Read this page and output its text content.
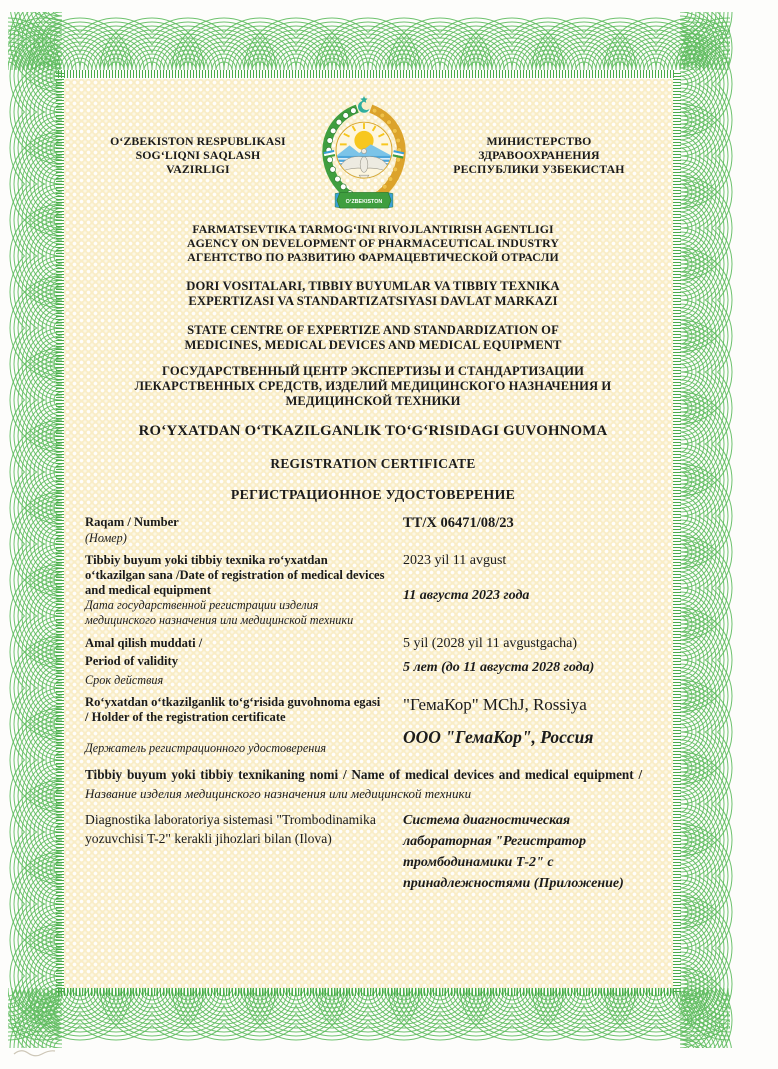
O‘ZBEKISTON RESPUBLIKASI
SOG‘LIQNI SAQLASH
VAZIRLIGI
O‘ZBEKISTON
МИНИСТЕРСТВО
ЗДРАВООХРАНЕНИЯ
РЕСПУБЛИКИ УЗБЕКИСТАН
FARMATSEVTIKA TARMOG‘INI RIVOJLANTIRISH AGENTLIGI
AGENCY ON DEVELOPMENT OF PHARMACEUTICAL INDUSTRY
АГЕНТСТВО ПО РАЗВИТИЮ ФАРМАЦЕВТИЧЕСКОЙ ОТРАСЛИ
DORI VOSITALARI, TIBBIY BUYUMLAR VA TIBBIY TEXNIKA
EXPERTIZASI VA STANDARTIZATSIYASI DAVLAT MARKAZI
STATE CENTRE OF EXPERTIZE AND STANDARDIZATION OF
MEDICINES, MEDICAL DEVICES AND MEDICAL EQUIPMENT
ГОСУДАРСТВЕННЫЙ ЦЕНТР ЭКСПЕРТИЗЫ И СТАНДАРТИЗАЦИИ
ЛЕКАРСТВЕННЫХ СРЕДСТВ, ИЗДЕЛИЙ МЕДИЦИНСКОГО НАЗНАЧЕНИЯ И
МЕДИЦИНСКОЙ ТЕХНИКИ
RO‘YXATDAN O‘TKAZILGANLIK TO‘G‘RISIDAGI GUVOHNOMA
REGISTRATION CERTIFICATE
РЕГИСТРАЦИОННОЕ УДОСТОВЕРЕНИЕ
Raqam / Number
(Номер)
TT/X 06471/08/23
Tibbiy buyum yoki tibbiy texnika ro‘yxatdan o‘tkazilgan sana /Date of registration of medical devices and medical equipment
Дата государственной регистрации изделия медицинского назначения или медицинской техники
2023 yil 11 avgust
11 августа 2023 года
Amal qilish muddati /
Period of validity
Срок действия
5 yil (2028 yil 11 avgustgacha)
5 лет (до 11 августа 2028 года)
Ro‘yxatdan o‘tkazilganlik to‘g‘risida guvohnoma egasi / Holder of the registration certificate
Держатель регистрационного удостоверения
"ГемаКор" MChJ, Rossiya
ООО "ГемаКор", Россия
Tibbiy buyum yoki tibbiy texnikaning nomi / Name of medical devices and medical equipment /
Название изделия медицинского назначения или медицинской техники
Diagnostika laboratoriya sistemasi "Trombodinamika yozuvchisi T-2" kerakli jihozlari bilan (Ilova)
Система диагностическая лабораторная "Регистратор тромбодинамики Т-2" с принадлежностями (Приложение)
